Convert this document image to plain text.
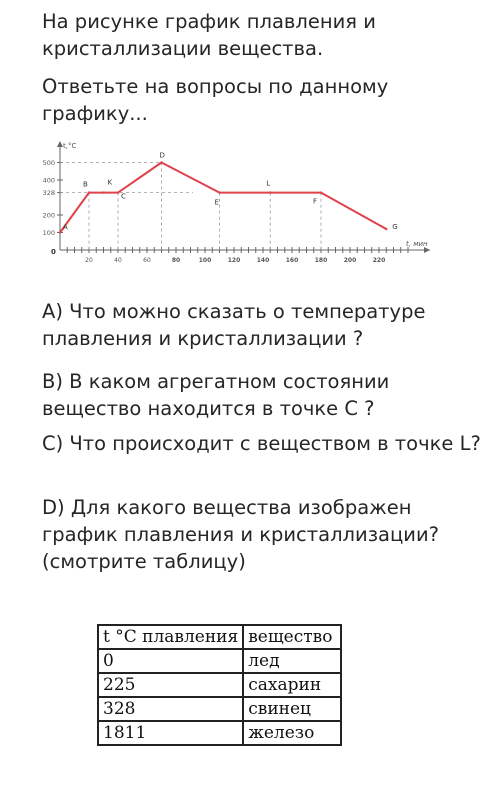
На рисунке график плавления и кристаллизации вещества.
Ответьте на вопросы по данному графику...
t,°C
t, мин
0
100
200
328
400
500
20	40	60	80	100	120	140	160	180	200	220
A
B	K
C
D
E
L
F
G
A) Что можно сказать о температуре плавления и кристаллизации ?
B) В каком агрегатном состоянии вещество находится в точке C ?
C) Что происходит с веществом в точке L?
D) Для какого вещества изображен график плавления и кристаллизации? (смотрите таблицу)
t °С плавления	вещество
0	лед
225	сахарин
328	свинец
1811	железо
